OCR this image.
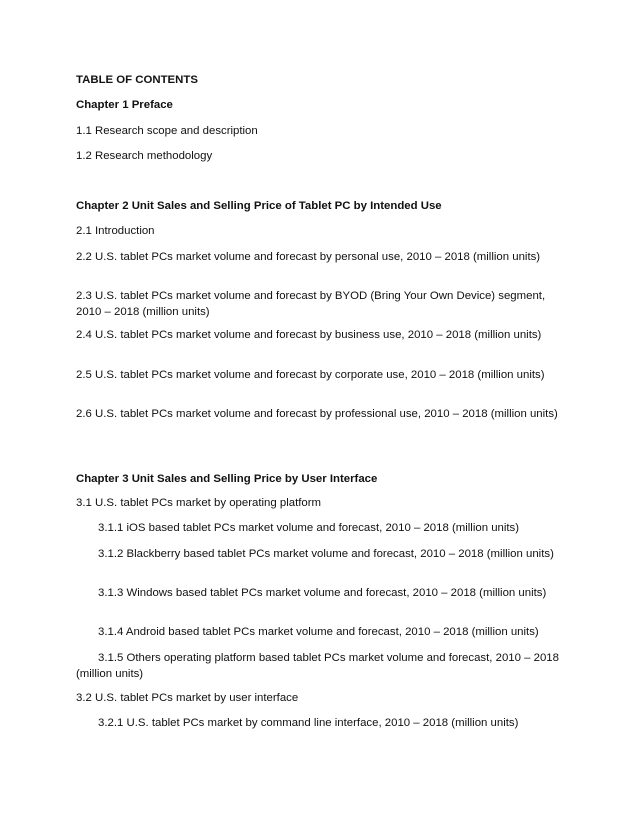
TABLE OF CONTENTS
Chapter 1 Preface
1.1 Research scope and description
1.2 Research methodology
Chapter 2 Unit Sales and Selling Price of Tablet PC by Intended Use
2.1 Introduction
2.2 U.S. tablet PCs market volume and forecast by personal use, 2010 – 2018 (million units)
2.3 U.S. tablet PCs market volume and forecast by BYOD (Bring Your Own Device) segment, 2010 – 2018 (million units)
2.4 U.S. tablet PCs market volume and forecast by business use, 2010 – 2018 (million units)
2.5 U.S. tablet PCs market volume and forecast by corporate use, 2010 – 2018 (million units)
2.6 U.S. tablet PCs market volume and forecast by professional use, 2010 – 2018 (million units)
Chapter 3 Unit Sales and Selling Price by User Interface
3.1 U.S. tablet PCs market by operating platform
3.1.1 iOS based tablet PCs market volume and forecast, 2010 – 2018 (million units)
3.1.2 Blackberry based tablet PCs market volume and forecast, 2010 – 2018 (million units)
3.1.3 Windows based tablet PCs market volume and forecast, 2010 – 2018 (million units)
3.1.4 Android based tablet PCs market volume and forecast, 2010 – 2018 (million units)
3.1.5 Others operating platform based tablet PCs market volume and forecast, 2010 – 2018 (million units)
3.2 U.S. tablet PCs market by user interface
3.2.1 U.S. tablet PCs market by command line interface, 2010 – 2018 (million units)
